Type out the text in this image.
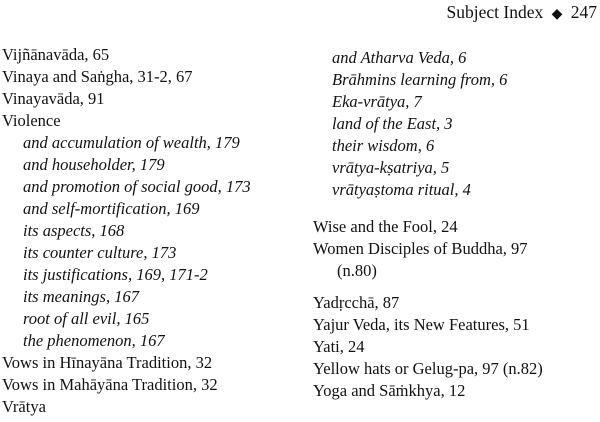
Subject Index ◆ 247
Vijñānavāda, 65
Vinaya and Saṅgha, 31-2, 67
Vinayavāda, 91
Violence
and accumulation of wealth, 179
and householder, 179
and promotion of social good, 173
and self-mortification, 169
its aspects, 168
its counter culture, 173
its justifications, 169, 171-2
its meanings, 167
root of all evil, 165
the phenomenon, 167
Vows in Hīnayāna Tradition, 32
Vows in Mahāyāna Tradition, 32
Vrātya
and Atharva Veda, 6
Brāhmins learning from, 6
Eka-vrātya, 7
land of the East, 3
their wisdom, 6
vrātya-kṣatriya, 5
vrātyaṣtoma ritual, 4
Wise and the Fool, 24
Women Disciples of Buddha, 97
(n.80)
Yadṛcchā, 87
Yajur Veda, its New Features, 51
Yati, 24
Yellow hats or Gelug-pa, 97 (n.82)
Yoga and Sāṁkhya, 12
